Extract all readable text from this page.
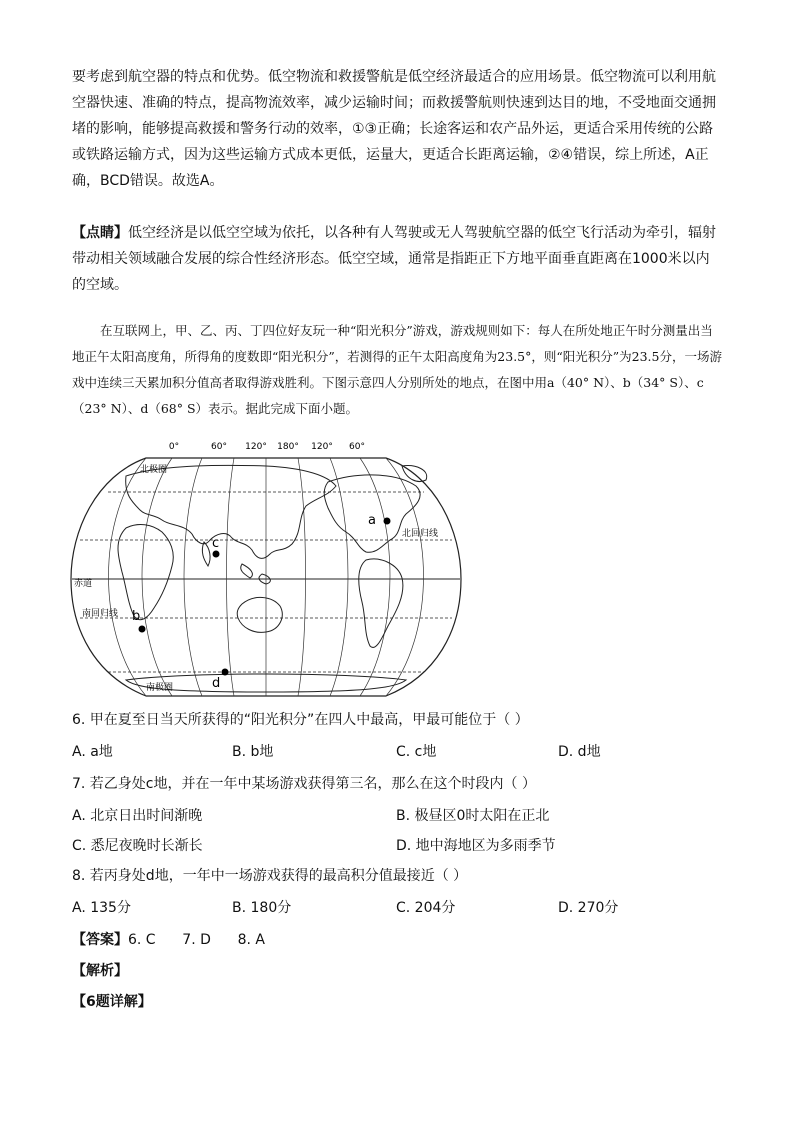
要考虑到航空器的特点和优势。低空物流和救援警航是低空经济最适合的应用场景。低空物流可以利用航空器快速、准确的特点，提高物流效率，减少运输时间；而救援警航则快速到达目的地，不受地面交通拥堵的影响，能够提高救援和警务行动的效率，①③正确；长途客运和农产品外运，更适合采用传统的公路或铁路运输方式，因为这些运输方式成本更低，运量大，更适合长距离运输，②④错误，综上所述，A正确，BCD错误。故选A。

【点睛】低空经济是以低空空域为依托，以各种有人驾驶或无人驾驶航空器的低空飞行活动为牵引，辐射带动相关领域融合发展的综合性经济形态。低空空域，通常是指距正下方地平面垂直距离在1000米以内的空域。

在互联网上，甲、乙、丙、丁四位好友玩一种“阳光积分”游戏，游戏规则如下：每人在所处地正午时分测量出当地正午太阳高度角，所得角的度数即“阳光积分”，若测得的正午太阳高度角为23.5°，则“阳光积分”为23.5分，一场游戏中连续三天累加积分值高者取得游戏胜利。下图示意四人分别所处的地点，在图中用a（40° N）、b（34° S）、c（23° N）、d（68° S）表示。据此完成下面小题。

0°	60° 120° 180° 120° 60°
北极圈
北回归线
赤道
南回归线
南极圈
a
b
c
d
6. 甲在夏至日当天所获得的“阳光积分”在四人中最高，甲最可能位于（ ）
A. a地	B. b地	C. c地	D. d地
7. 若乙身处c地，并在一年中某场游戏获得第三名，那么在这个时段内（ ）
A. 北京日出时间渐晚	B. 极昼区0时太阳在正北
C. 悉尼夜晚时长渐长	D. 地中海地区为多雨季节
8. 若丙身处d地，一年中一场游戏获得的最高积分值最接近（ ）
A. 135分	B. 180分	C. 204分	D. 270分
【答案】6. C      7. D      8. A
【解析】
【6题详解】
